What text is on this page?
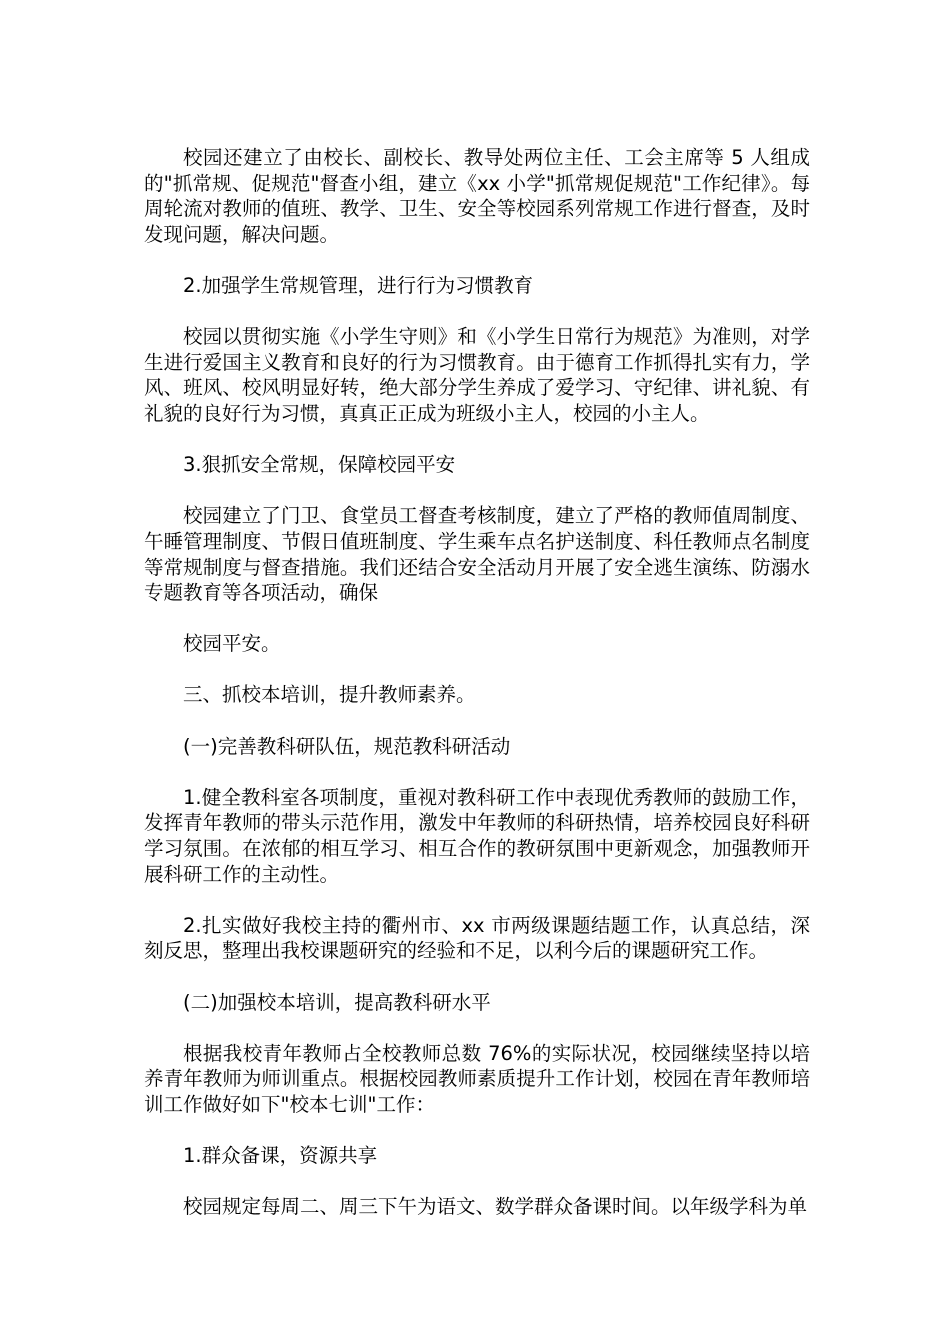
校园还建立了由校长、副校长、教导处两位主任、工会主席等 5 人组成的"抓常规、促规范"督查小组，建立《xx 小学"抓常规促规范"工作纪律》。每周轮流对教师的值班、教学、卫生、安全等校园系列常规工作进行督查，及时发现问题，解决问题。

2.加强学生常规管理，进行行为习惯教育

校园以贯彻实施《小学生守则》和《小学生日常行为规范》为准则，对学生进行爱国主义教育和良好的行为习惯教育。由于德育工作抓得扎实有力，学风、班风、校风明显好转，绝大部分学生养成了爱学习、守纪律、讲礼貌、有礼貌的良好行为习惯，真真正正成为班级小主人，校园的小主人。

3.狠抓安全常规，保障校园平安

校园建立了门卫、食堂员工督查考核制度，建立了严格的教师值周制度、午睡管理制度、节假日值班制度、学生乘车点名护送制度、科任教师点名制度等常规制度与督查措施。我们还结合安全活动月开展了安全逃生演练、防溺水专题教育等各项活动，确保

校园平安。

三、抓校本培训，提升教师素养。

(一)完善教科研队伍，规范教科研活动

1.健全教科室各项制度，重视对教科研工作中表现优秀教师的鼓励工作，发挥青年教师的带头示范作用，激发中年教师的科研热情，培养校园良好科研学习氛围。在浓郁的相互学习、相互合作的教研氛围中更新观念，加强教师开展科研工作的主动性。

2.扎实做好我校主持的衢州市、xx 市两级课题结题工作，认真总结，深刻反思，整理出我校课题研究的经验和不足，以利今后的课题研究工作。

(二)加强校本培训，提高教科研水平

根据我校青年教师占全校教师总数 76%的实际状况，校园继续坚持以培养青年教师为师训重点。根据校园教师素质提升工作计划，校园在青年教师培训工作做好如下"校本七训"工作：

1.群众备课，资源共享

校园规定每周二、周三下午为语文、数学群众备课时间。以年级学科为单
